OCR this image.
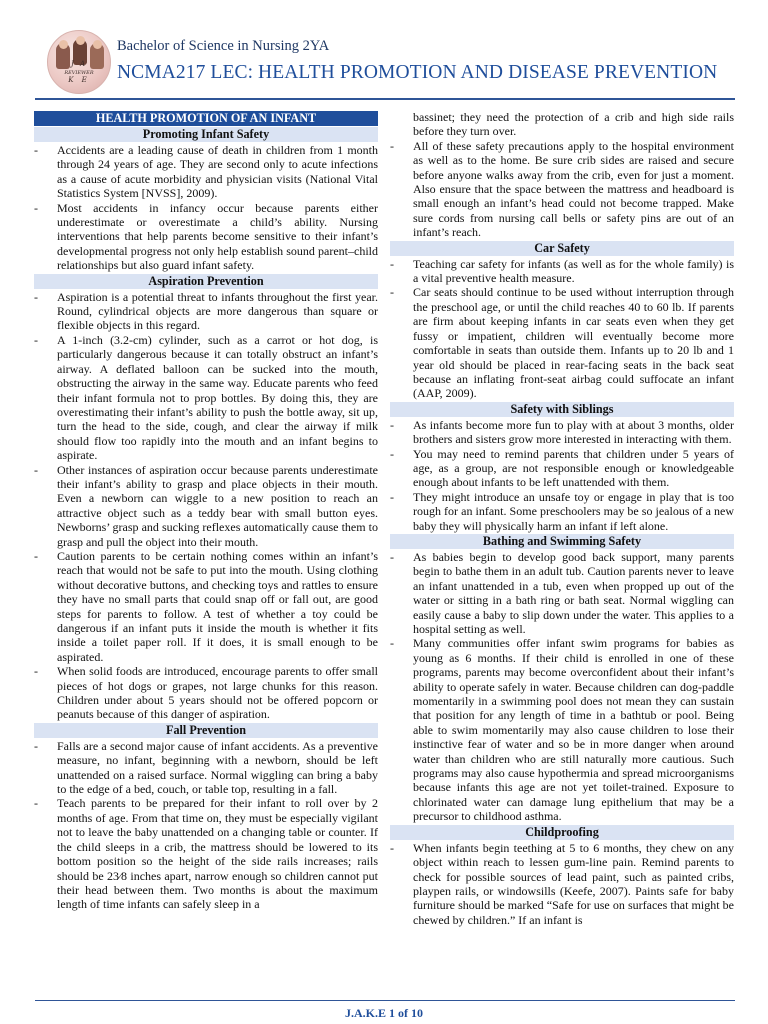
J A
REVIEWER
K E
Bachelor of Science in Nursing 2YA
NCMA217 LEC: HEALTH PROMOTION AND DISEASE PREVENTION
HEALTH PROMOTION OF AN INFANT
Promoting Infant Safety
- Accidents are a leading cause of death in children from 1 month through 24 years of age. They are second only to acute infections as a cause of acute morbidity and physician visits (National Vital Statistics System [NVSS], 2009).

- Most accidents in infancy occur because parents either underestimate or overestimate a child’s ability. Nursing interventions that help parents become sensitive to their infant’s developmental progress not only help establish sound parent–child relationships but also guard infant safety.

Aspiration Prevention
- Aspiration is a potential threat to infants throughout the first year. Round, cylindrical objects are more dangerous than square or flexible objects in this regard.

- A 1-inch (3.2-cm) cylinder, such as a carrot or hot dog, is particularly dangerous because it can totally obstruct an infant’s airway. A deflated balloon can be sucked into the mouth, obstructing the airway in the same way. Educate parents who feed their infant formula not to prop bottles. By doing this, they are overestimating their infant’s ability to push the bottle away, sit up, turn the head to the side, cough, and clear the airway if milk should flow too rapidly into the mouth and an infant begins to aspirate.

- Other instances of aspiration occur because parents underestimate their infant’s ability to grasp and place objects in their mouth. Even a newborn can wiggle to a new position to reach an attractive object such as a teddy bear with small button eyes. Newborns’ grasp and sucking reflexes automatically cause them to grasp and pull the object into their mouth.

- Caution parents to be certain nothing comes within an infant’s reach that would not be safe to put into the mouth. Using clothing without decorative buttons, and checking toys and rattles to ensure they have no small parts that could snap off or fall out, are good steps for parents to follow. A test of whether a toy could be dangerous if an infant puts it inside the mouth is whether it fits inside a toilet paper roll. If it does, it is small enough to be aspirated.

- When solid foods are introduced, encourage parents to offer small pieces of hot dogs or grapes, not large chunks for this reason. Children under about 5 years should not be offered popcorn or peanuts because of this danger of aspiration.

Fall Prevention
- Falls are a second major cause of infant accidents. As a preventive measure, no infant, beginning with a newborn, should be left unattended on a raised surface. Normal wiggling can bring a baby to the edge of a bed, couch, or table top, resulting in a fall.

- Teach parents to be prepared for their infant to roll over by 2 months of age. From that time on, they must be especially vigilant not to leave the baby unattended on a changing table or counter. If the child sleeps in a crib, the mattress should be lowered to its bottom position so the height of the side rails increases; rails should be 23⁄8 inches apart, narrow enough so children cannot put their head between them. Two months is about the maximum length of time infants can safely sleep in a

bassinet; they need the protection of a crib and high side rails before they turn over.

- All of these safety precautions apply to the hospital environment as well as to the home. Be sure crib sides are raised and secure before anyone walks away from the crib, even for just a moment. Also ensure that the space between the mattress and headboard is small enough an infant’s head could not become trapped. Make sure cords from nursing call bells or safety pins are out of an infant’s reach.

Car Safety
- Teaching car safety for infants (as well as for the whole family) is a vital preventive health measure.

- Car seats should continue to be used without interruption through the preschool age, or until the child reaches 40 to 60 lb. If parents are firm about keeping infants in car seats even when they get fussy or impatient, children will eventually become more comfortable in seats than outside them. Infants up to 20 lb and 1 year old should be placed in rear-facing seats in the back seat because an inflating front-seat airbag could suffocate an infant (AAP, 2009).

Safety with Siblings
- As infants become more fun to play with at about 3 months, older brothers and sisters grow more interested in interacting with them.

- You may need to remind parents that children under 5 years of age, as a group, are not responsible enough or knowledgeable enough about infants to be left unattended with them.

- They might introduce an unsafe toy or engage in play that is too rough for an infant. Some preschoolers may be so jealous of a new baby they will physically harm an infant if left alone.

Bathing and Swimming Safety
- As babies begin to develop good back support, many parents begin to bathe them in an adult tub. Caution parents never to leave an infant unattended in a tub, even when propped up out of the water or sitting in a bath ring or bath seat. Normal wiggling can easily cause a baby to slip down under the water. This applies to a hospital setting as well.

- Many communities offer infant swim programs for babies as young as 6 months. If their child is enrolled in one of these programs, parents may become overconfident about their infant’s ability to operate safely in water. Because children can dog-paddle momentarily in a swimming pool does not mean they can sustain that position for any length of time in a bathtub or pool. Being able to swim momentarily may also cause children to lose their instinctive fear of water and so be in more danger when around water than children who are still naturally more cautious. Such programs may also cause hypothermia and spread microorganisms because infants this age are not yet toilet-trained. Exposure to chlorinated water can damage lung epithelium that may be a precursor to childhood asthma.

Childproofing
- When infants begin teething at 5 to 6 months, they chew on any object within reach to lessen gum-line pain. Remind parents to check for possible sources of lead paint, such as painted cribs, playpen rails, or windowsills (Keefe, 2007). Paints safe for baby furniture should be marked “Safe for use on surfaces that might be chewed by children.” If an infant is

J.A.K.E 1 of 10
